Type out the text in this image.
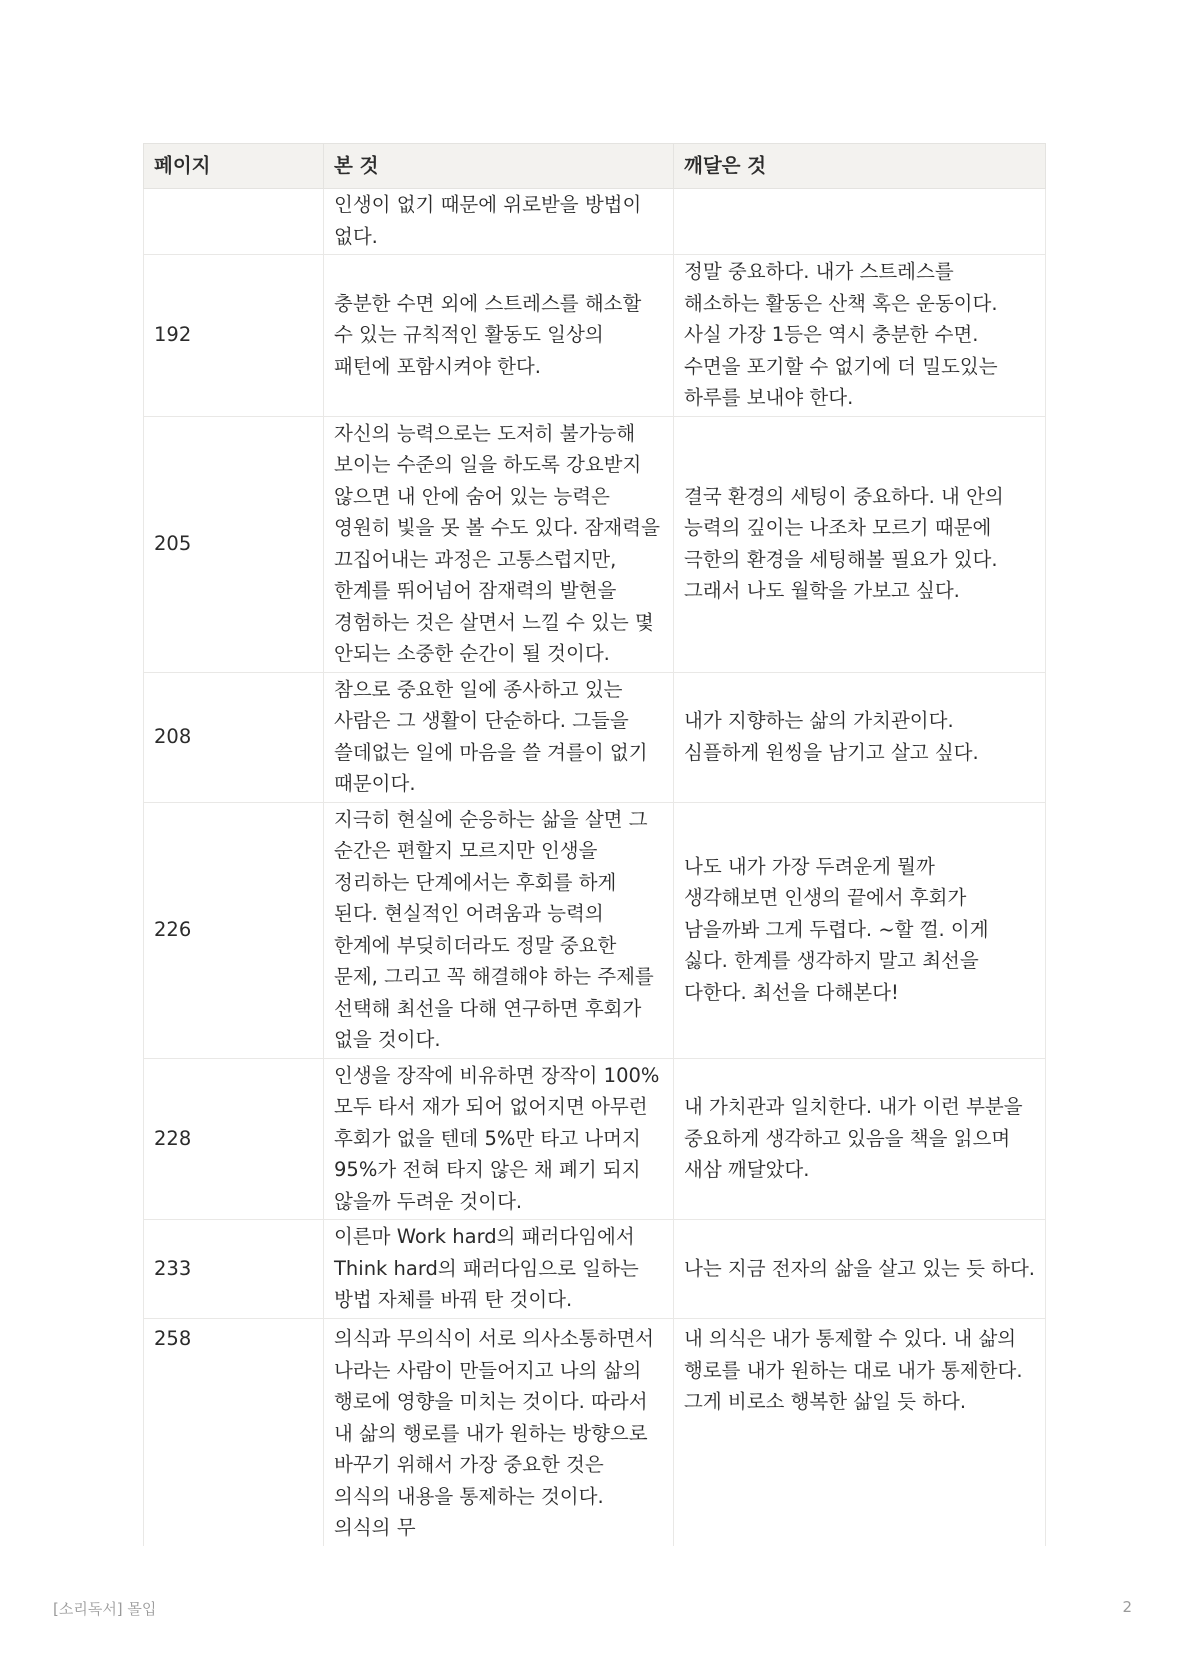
페이지	본 것	깨달은 것
	인생이 없기 때문에 위로받을 방법이 없다.	
192	충분한 수면 외에 스트레스를 해소할 수 있는 규칙적인 활동도 일상의 패턴에 포함시켜야 한다.	정말 중요하다. 내가 스트레스를 해소하는 활동은 산책 혹은 운동이다. 사실 가장 1등은 역시 충분한 수면. 수면을 포기할 수 없기에 더 밀도있는 하루를 보내야 한다.
205	자신의 능력으로는 도저히 불가능해 보이는 수준의 일을 하도록 강요받지 않으면 내 안에 숨어 있는 능력은 영원히 빛을 못 볼 수도 있다. 잠재력을 끄집어내는 과정은 고통스럽지만, 한계를 뛰어넘어 잠재력의 발현을 경험하는 것은 살면서 느낄 수 있는 몇 안되는 소중한 순간이 될 것이다.	결국 환경의 세팅이 중요하다. 내 안의 능력의 깊이는 나조차 모르기 때문에 극한의 환경을 세팅해볼 필요가 있다. 그래서 나도 월학을 가보고 싶다.
208	참으로 중요한 일에 종사하고 있는 사람은 그 생활이 단순하다. 그들을 쓸데없는 일에 마음을 쓸 겨를이 없기 때문이다.	내가 지향하는 삶의 가치관이다. 심플하게 원씽을 남기고 살고 싶다.
226	지극히 현실에 순응하는 삶을 살면 그 순간은 편할지 모르지만 인생을 정리하는 단계에서는 후회를 하게 된다. 현실적인 어려움과 능력의 한계에 부딪히더라도 정말 중요한 문제, 그리고 꼭 해결해야 하는 주제를 선택해 최선을 다해 연구하면 후회가 없을 것이다.	나도 내가 가장 두려운게 뭘까 생각해보면 인생의 끝에서 후회가 남을까봐 그게 두렵다. ~할 껄. 이게 싫다. 한계를 생각하지 말고 최선을 다한다. 최선을 다해본다!
228	인생을 장작에 비유하면 장작이 100% 모두 타서 재가 되어 없어지면 아무런 후회가 없을 텐데 5%만 타고 나머지 95%가 전혀 타지 않은 채 폐기 되지 않을까 두려운 것이다.	내 가치관과 일치한다. 내가 이런 부분을 중요하게 생각하고 있음을 책을 읽으며 새삼 깨달았다.
233	이른마 Work hard의 패러다임에서 Think hard의 패러다임으로 일하는 방법 자체를 바꿔 탄 것이다.	나는 지금 전자의 삶을 살고 있는 듯 하다.
258	의식과 무의식이 서로 의사소통하면서 나라는 사람이 만들어지고 나의 삶의 행로에 영향을 미치는 것이다. 따라서 내 삶의 행로를 내가 원하는 방향으로 바꾸기 위해서 가장 중요한 것은 의식의 내용을 통제하는 것이다. 의식의 무	내 의식은 내가 통제할 수 있다. 내 삶의 행로를 내가 원하는 대로 내가 통제한다. 그게 비로소 행복한 삶일 듯 하다.
[소리독서] 몰입	2
